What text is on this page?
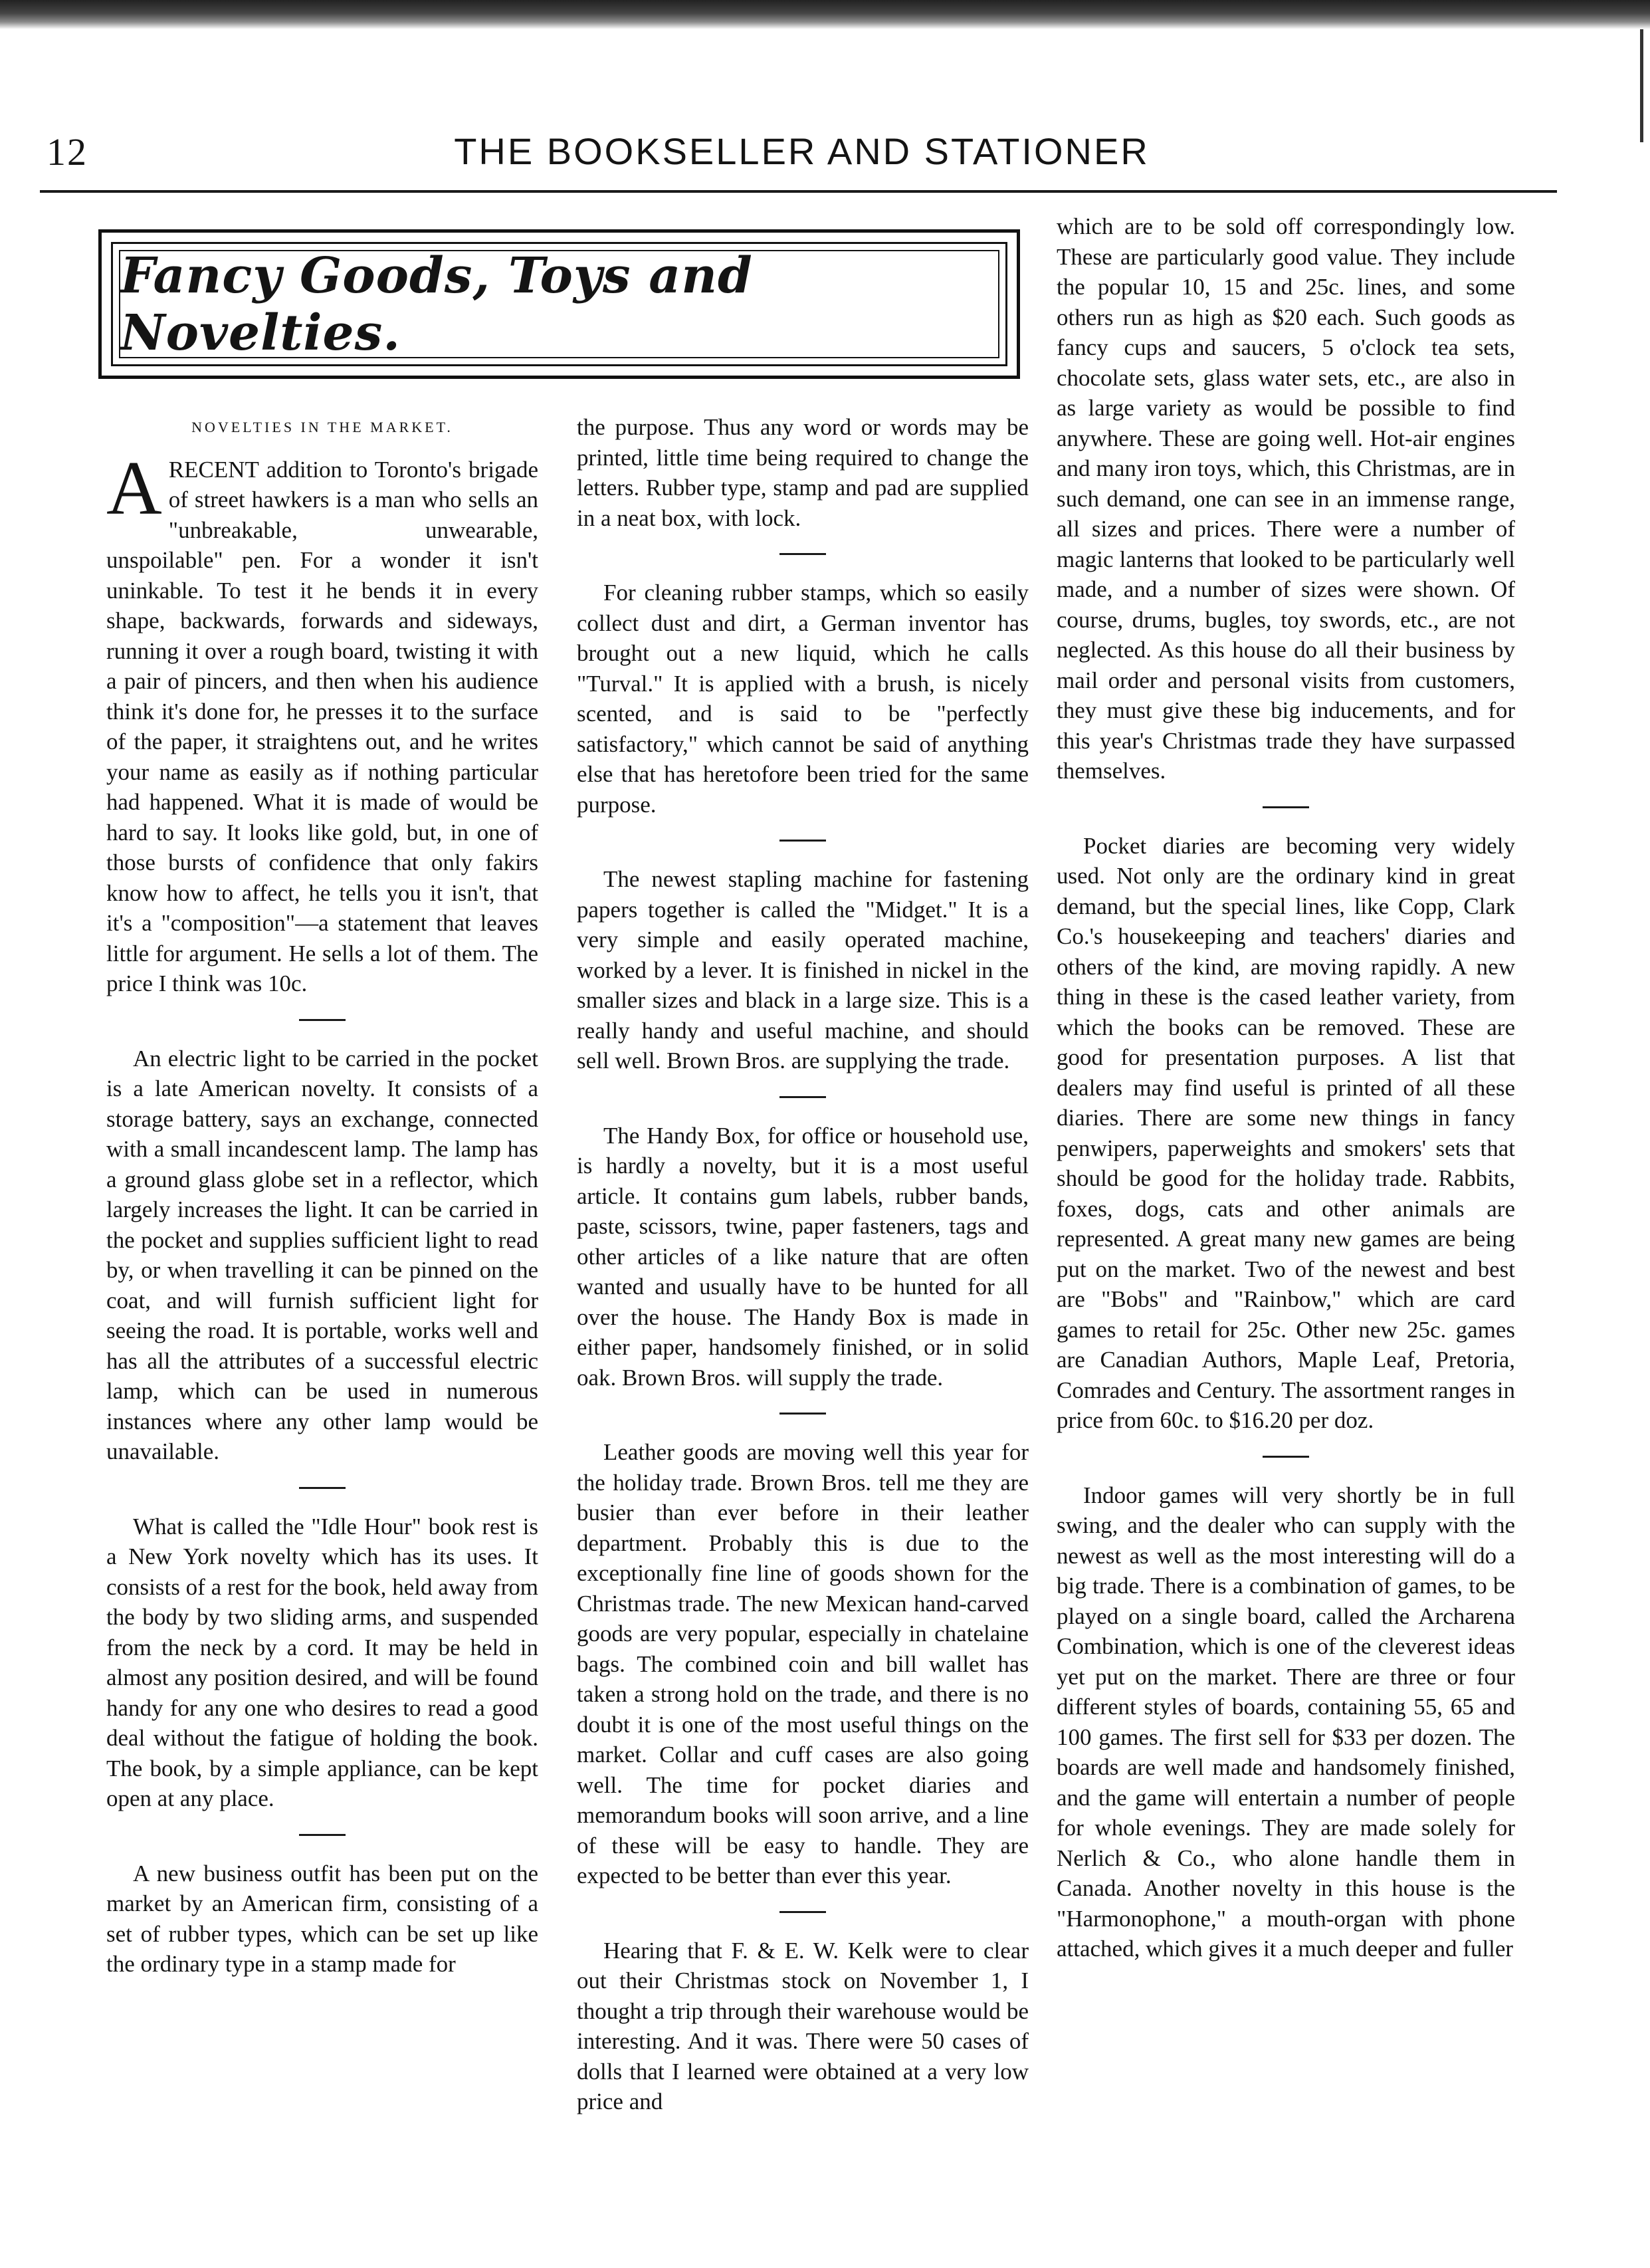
12	THE BOOKSELLER AND STATIONER
Fancy Goods, Toys and Novelties.
NOVELTIES IN THE MARKET.

ARECENT addition to Toronto's brigade of street hawkers is a man who sells an "unbreakable, unwearable, unspoilable" pen. For a wonder it isn't uninkable. To test it he bends it in every shape, backwards, forwards and sideways, running it over a rough board, twisting it with a pair of pincers, and then when his audience think it's done for, he presses it to the surface of the paper, it straightens out, and he writes your name as easily as if nothing particular had happened. What it is made of would be hard to say. It looks like gold, but, in one of those bursts of confidence that only fakirs know how to affect, he tells you it isn't, that it's a "composition"—a statement that leaves little for argument. He sells a lot of them. The price I think was 10c.

An electric light to be carried in the pocket is a late American novelty. It consists of a storage battery, says an exchange, connected with a small incandescent lamp. The lamp has a ground glass globe set in a reflector, which largely increases the light. It can be carried in the pocket and supplies sufficient light to read by, or when travelling it can be pinned on the coat, and will furnish sufficient light for seeing the road. It is portable, works well and has all the attributes of a successful electric lamp, which can be used in numerous instances where any other lamp would be unavailable.

What is called the "Idle Hour" book rest is a New York novelty which has its uses. It consists of a rest for the book, held away from the body by two sliding arms, and suspended from the neck by a cord. It may be held in almost any position desired, and will be found handy for any one who desires to read a good deal without the fatigue of holding the book. The book, by a simple appliance, can be kept open at any place.

A new business outfit has been put on the market by an American firm, consisting of a set of rubber types, which can be set up like the ordinary type in a stamp made for

the purpose. Thus any word or words may be printed, little time being required to change the letters. Rubber type, stamp and pad are supplied in a neat box, with lock.

For cleaning rubber stamps, which so easily collect dust and dirt, a German inventor has brought out a new liquid, which he calls "Turval." It is applied with a brush, is nicely scented, and is said to be "perfectly satisfactory," which cannot be said of anything else that has heretofore been tried for the same purpose.

The newest stapling machine for fastening papers together is called the "Midget." It is a very simple and easily operated machine, worked by a lever. It is finished in nickel in the smaller sizes and black in a large size. This is a really handy and useful machine, and should sell well. Brown Bros. are supplying the trade.

The Handy Box, for office or household use, is hardly a novelty, but it is a most useful article. It contains gum labels, rubber bands, paste, scissors, twine, paper fasteners, tags and other articles of a like nature that are often wanted and usually have to be hunted for all over the house. The Handy Box is made in either paper, handsomely finished, or in solid oak. Brown Bros. will supply the trade.

Leather goods are moving well this year for the holiday trade. Brown Bros. tell me they are busier than ever before in their leather department. Probably this is due to the exceptionally fine line of goods shown for the Christmas trade. The new Mexican hand-carved goods are very popular, especially in chatelaine bags. The combined coin and bill wallet has taken a strong hold on the trade, and there is no doubt it is one of the most useful things on the market. Collar and cuff cases are also going well. The time for pocket diaries and memorandum books will soon arrive, and a line of these will be easy to handle. They are expected to be better than ever this year.

Hearing that F. & E. W. Kelk were to clear out their Christmas stock on November 1, I thought a trip through their warehouse would be interesting. And it was. There were 50 cases of dolls that I learned were obtained at a very low price and

which are to be sold off correspondingly low. These are particularly good value. They include the popular 10, 15 and 25c. lines, and some others run as high as $20 each. Such goods as fancy cups and saucers, 5 o'clock tea sets, chocolate sets, glass water sets, etc., are also in as large variety as would be possible to find anywhere. These are going well. Hot-air engines and many iron toys, which, this Christmas, are in such demand, one can see in an immense range, all sizes and prices. There were a number of magic lanterns that looked to be particularly well made, and a number of sizes were shown. Of course, drums, bugles, toy swords, etc., are not neglected. As this house do all their business by mail order and personal visits from customers, they must give these big inducements, and for this year's Christmas trade they have surpassed themselves.

Pocket diaries are becoming very widely used. Not only are the ordinary kind in great demand, but the special lines, like Copp, Clark Co.'s housekeeping and teachers' diaries and others of the kind, are moving rapidly. A new thing in these is the cased leather variety, from which the books can be removed. These are good for presentation purposes. A list that dealers may find useful is printed of all these diaries. There are some new things in fancy penwipers, paperweights and smokers' sets that should be good for the holiday trade. Rabbits, foxes, dogs, cats and other animals are represented. A great many new games are being put on the market. Two of the newest and best are "Bobs" and "Rainbow," which are card games to retail for 25c. Other new 25c. games are Canadian Authors, Maple Leaf, Pretoria, Comrades and Century. The assortment ranges in price from 60c. to $16.20 per doz.

Indoor games will very shortly be in full swing, and the dealer who can supply with the newest as well as the most interesting will do a big trade. There is a combination of games, to be played on a single board, called the Archarena Combination, which is one of the cleverest ideas yet put on the market. There are three or four different styles of boards, containing 55, 65 and 100 games. The first sell for $33 per dozen. The boards are well made and handsomely finished, and the game will entertain a number of people for whole evenings. They are made solely for Nerlich & Co., who alone handle them in Canada. Another novelty in this house is the "Harmonophone," a mouth-organ with phone attached, which gives it a much deeper and fuller
